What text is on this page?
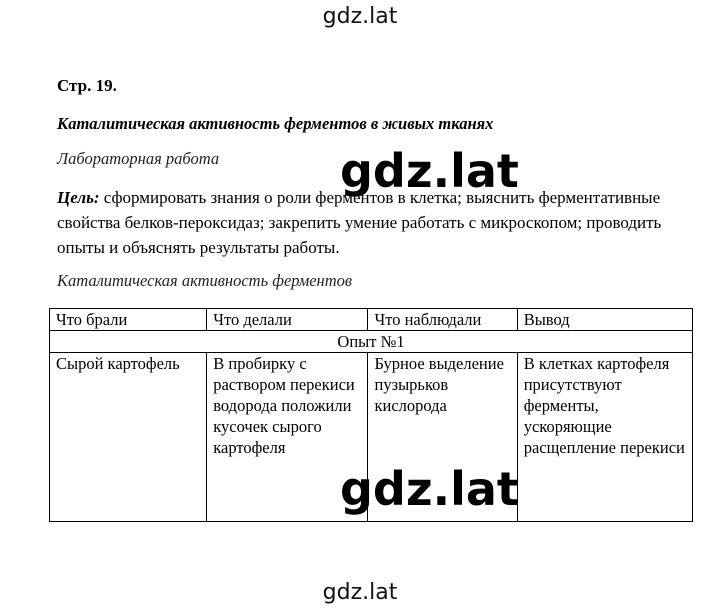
gdz.lat
Стр. 19.
Каталитическая активность ферментов в живых тканях
Лабораторная работа
Цель: сформировать знания о роли ферментов в клетка; выяснить ферментативные свойства белков-пероксидаз; закрепить умение работать с микроскопом; проводить опыты и объяснять результаты работы.
Каталитическая активность ферментов
Что брали	Что делали	Что наблюдали	Вывод
Опыт №1			
Сырой картофель	В пробирку с раствором перекиси водорода положили кусочек сырого картофеля	Бурное выделение пузырьков кислорода	В клетках картофеля присутствуют ферменты, ускоряющие расщепление перекиси
gdz.lat
gdz.lat
gdz.lat
